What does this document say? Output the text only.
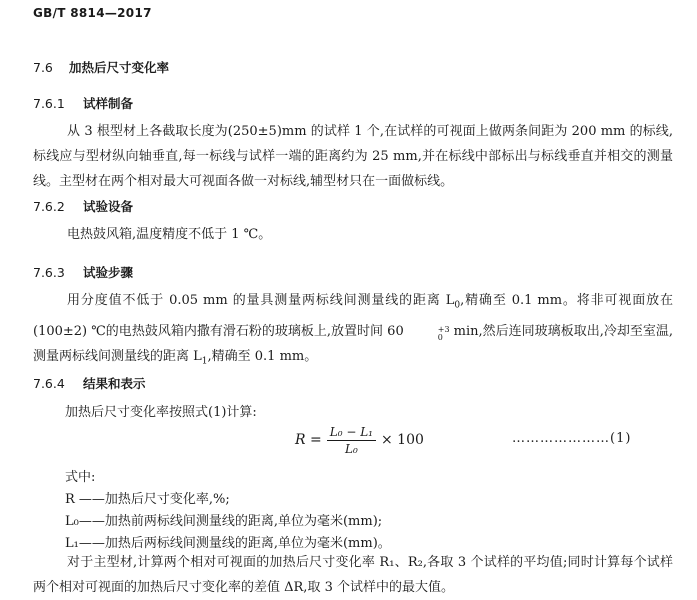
GB/T 8814—2017
7.6 加热后尺寸变化率
7.6.1 试样制备
从 3 根型材上各截取长度为(250±5)mm 的试样 1 个,在试样的可视面上做两条间距为 200 mm 的标线,标线应与型材纵向轴垂直,每一标线与试样一端的距离约为 25 mm,并在标线中部标出与标线垂直并相交的测量线。主型材在两个相对最大可视面各做一对标线,辅型材只在一面做标线。
7.6.2 试验设备
电热鼓风箱,温度精度不低于 1 ℃。
7.6.3 试验步骤
用分度值不低于 0.05 mm 的量具测量两标线间测量线的距离 $L_0$,精确至 0.1 mm。将非可视面放在(100±2) ℃的电热鼓风箱内撒有滑石粉的玻璃板上,放置时间 60	+3
0 min,然后连同玻璃板取出,冷却至室温,测量两标线间测量线的距离 $L_1$,精确至 0.1 mm。
7.6.4 结果和表示
加热后尺寸变化率按照式(1)计算:
$R = \frac{\text{L₀ − L₁}}{\text{L₀}} \times 100$	…………………(1)
式中:
R ——加热后尺寸变化率,%;
L₀——加热前两标线间测量线的距离,单位为毫米(mm);
L₁——加热后两标线间测量线的距离,单位为毫米(mm)。
对于主型材,计算两个相对可视面的加热后尺寸变化率 R₁、R₂,各取 3 个试样的平均值;同时计算每个试样两个相对可视面的加热后尺寸变化率的差值 ΔR,取 3 个试样中的最大值。
